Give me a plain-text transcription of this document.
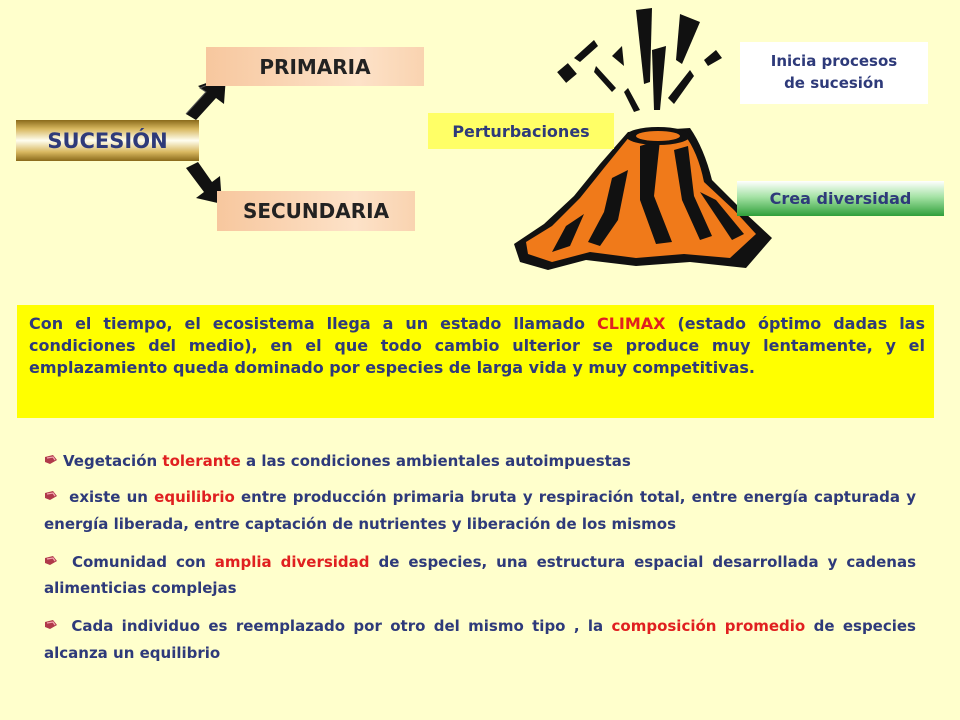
SUCESIÓN
PRIMARIA
SECUNDARIA
Perturbaciones
Inicia procesos
de sucesión
Crea diversidad
Con el tiempo, el ecosistema llega a un estado llamado CLIMAX (estado óptimo dadas las condiciones del medio), en el que todo cambio ulterior se produce muy lentamente, y el emplazamiento queda dominado por especies de larga vida y muy competitivas.
Vegetación tolerante a las condiciones ambientales autoimpuestas
existe un equilibrio entre producción primaria bruta y respiración total, entre energía capturada y energía liberada, entre captación de nutrientes y liberación de los mismos
Comunidad con amplia diversidad de especies, una estructura espacial desarrollada y cadenas alimenticias complejas
Cada individuo es reemplazado por otro del mismo tipo , la composición promedio de especies alcanza un equilibrio
